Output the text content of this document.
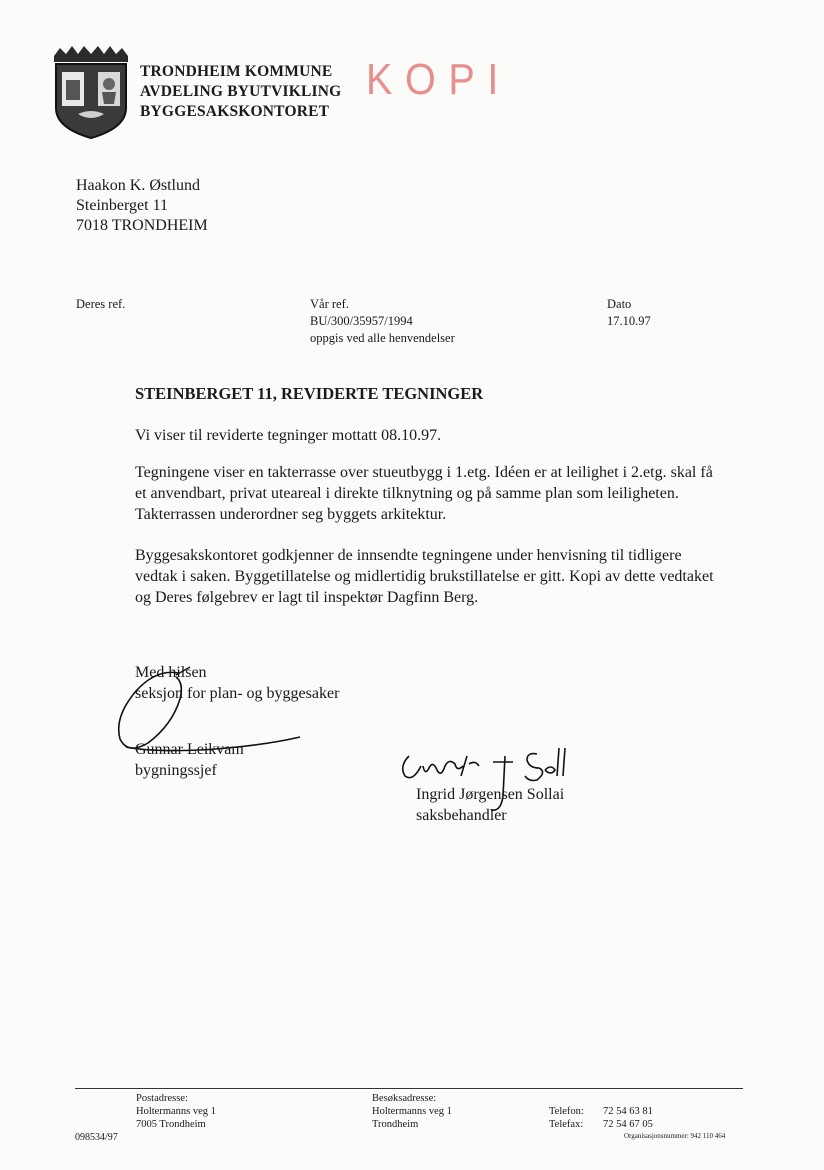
TRONDHEIM KOMMUNE
AVDELING BYUTVIKLING
BYGGESAKSKONTORET
KOPI
Haakon K. Østlund
Steinberget 11
7018 TRONDHEIM
Deres ref.	Vår ref.
BU/300/35957/1994
oppgis ved alle henvendelser
Dato
17.10.97
STEINBERGET 11, REVIDERTE TEGNINGER
Vi viser til reviderte tegninger mottatt 08.10.97.
Tegningene viser en takterrasse over stueutbygg i 1.etg. Idéen er at leilighet i 2.etg. skal få
et anvendbart, privat uteareal i direkte tilknytning og på samme plan som leiligheten.
Takterrassen underordner seg byggets arkitektur.
Byggesakskontoret godkjenner de innsendte tegningene under henvisning til tidligere
vedtak i saken. Byggetillatelse og midlertidig brukstillatelse er gitt. Kopi av dette vedtaket
og Deres følgebrev er lagt til inspektør Dagfinn Berg.
Med hilsen
seksjon for plan- og byggesaker
Gunnar Leikvam
bygningssjef
Ingrid Jørgensen Sollai
saksbehandler
Postadresse:
Holtermanns veg 1
7005 Trondheim
Besøksadresse:
Holtermanns veg 1
Trondheim
Telefon:
Telefax:
72 54 63 81
72 54 67 05
Organisasjonsnummer: 942 110 464
098534/97
